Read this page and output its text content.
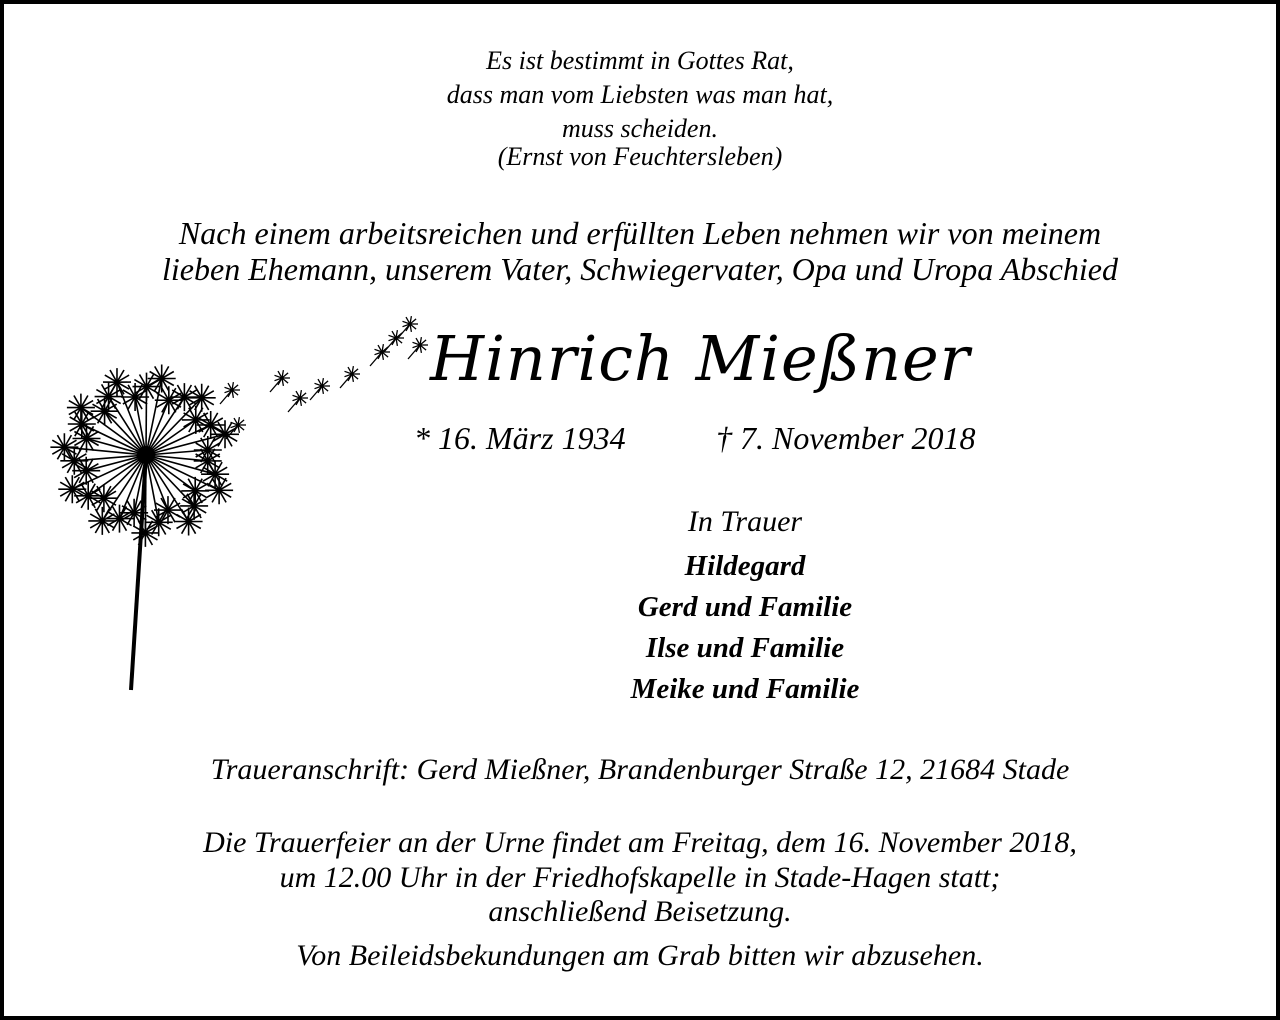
Es ist bestimmt in Gottes Rat,
dass man vom Liebsten was man hat,
muss scheiden.
(Ernst von Feuchtersleben)
Nach einem arbeitsreichen und erfüllten Leben nehmen wir von meinem
lieben Ehemann, unserem Vater, Schwiegervater, Opa und Uropa Abschied
Hinrich Mießner
* 16. März 1934	† 7. November 2018
In Trauer
Hildegard
Gerd und Familie
Ilse und Familie
Meike und Familie
Traueranschrift: Gerd Mießner, Brandenburger Straße 12, 21684 Stade
Die Trauerfeier an der Urne findet am Freitag, dem 16. November 2018,
um 12.00 Uhr in der Friedhofskapelle in Stade-Hagen statt;
anschließend Beisetzung.
Von Beileidsbekundungen am Grab bitten wir abzusehen.
